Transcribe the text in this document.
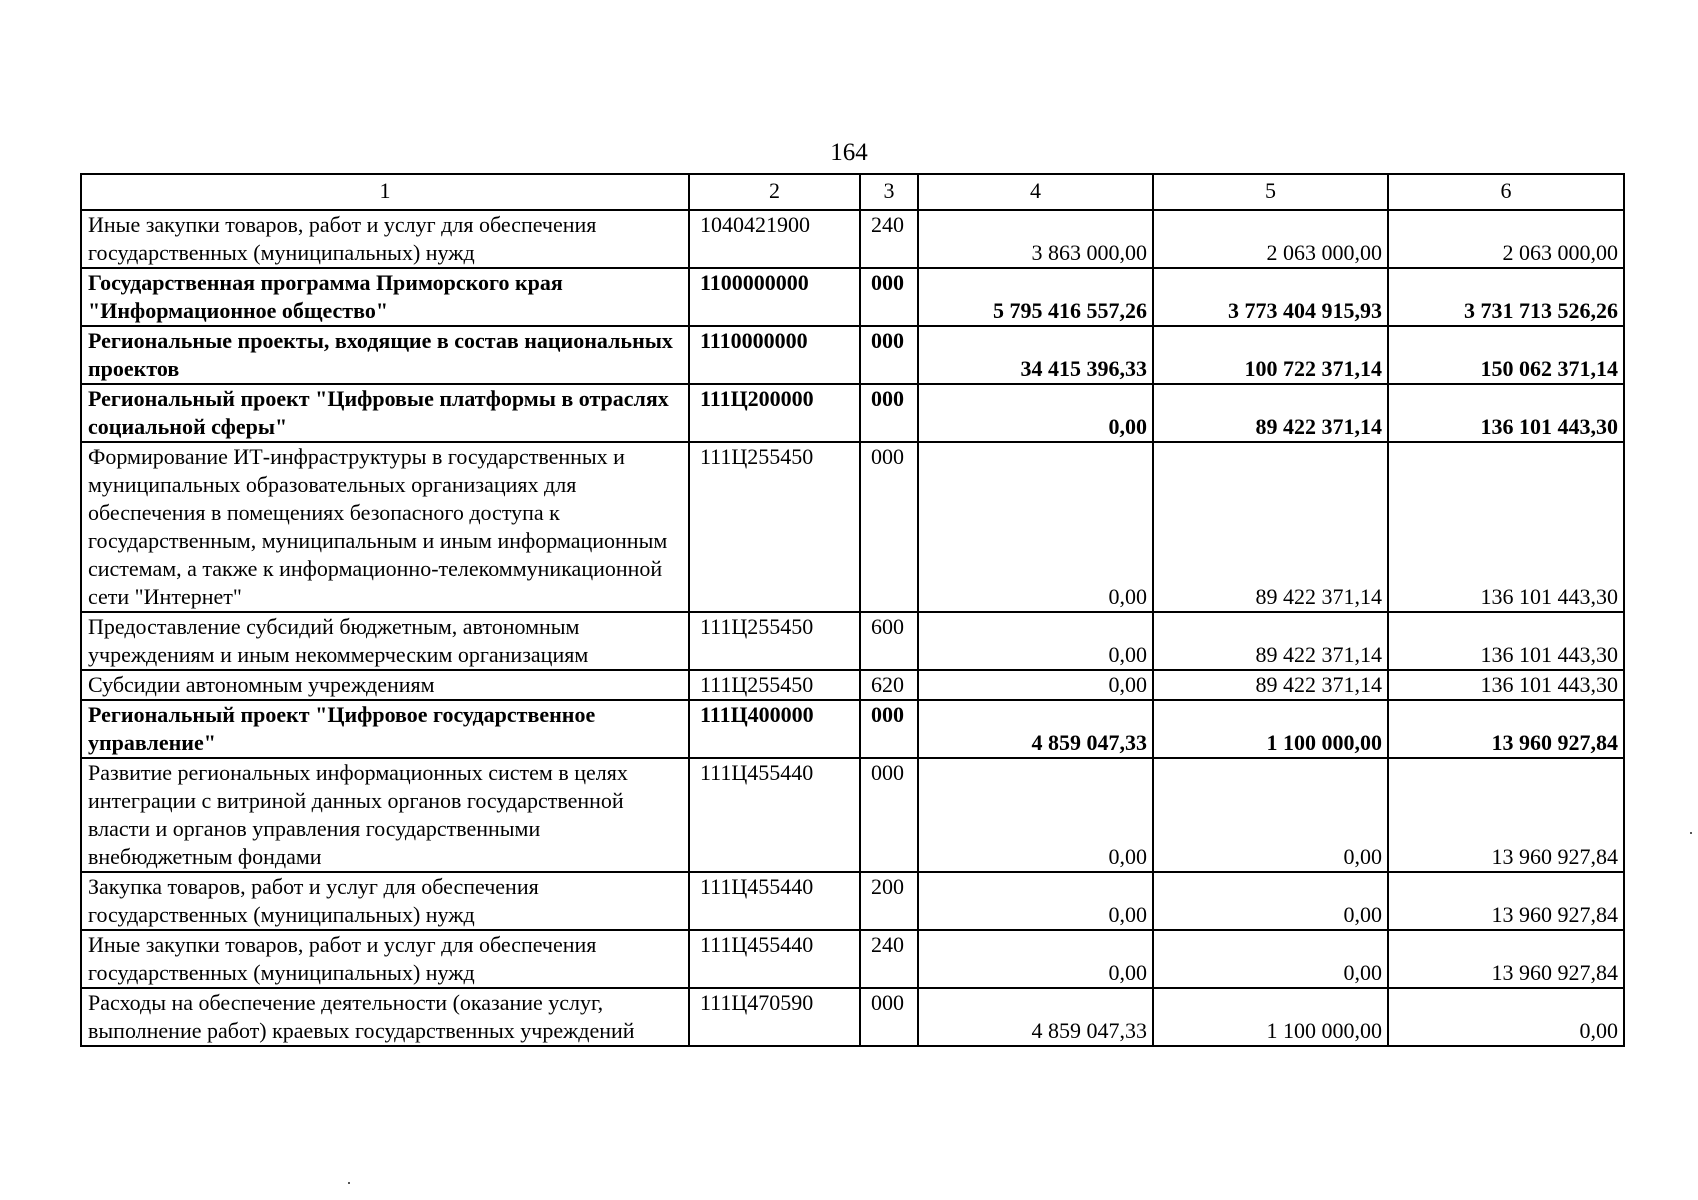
164
1	2	3	4	5	6
Иные закупки товаров, работ и услуг для обеспечения государственных (муниципальных) нужд	1040421900	240	3 863 000,00	2 063 000,00	2 063 000,00
Государственная программа Приморского края "Информационное общество"	1100000000	000	5 795 416 557,26	3 773 404 915,93	3 731 713 526,26
Региональные проекты, входящие в состав национальных проектов	1110000000	000	34 415 396,33	100 722 371,14	150 062 371,14
Региональный проект "Цифровые платформы в отраслях социальной сферы"	111Ц200000	000	0,00	89 422 371,14	136 101 443,30
Формирование ИТ-инфраструктуры в государственных и муниципальных образовательных организациях для обеспечения в помещениях безопасного доступа к государственным, муниципальным и иным информационным системам, а также к информационно-телекоммуникационной сети "Интернет"	111Ц255450	000	0,00	89 422 371,14	136 101 443,30
Предоставление субсидий бюджетным, автономным учреждениям и иным некоммерческим организациям	111Ц255450	600	0,00	89 422 371,14	136 101 443,30
Субсидии автономным учреждениям	111Ц255450	620	0,00	89 422 371,14	136 101 443,30
Региональный проект "Цифровое государственное управление"	111Ц400000	000	4 859 047,33	1 100 000,00	13 960 927,84
Развитие региональных информационных систем в целях интеграции с витриной данных органов государственной власти и органов управления государственными внебюджетным фондами	111Ц455440	000	0,00	0,00	13 960 927,84
Закупка товаров, работ и услуг для обеспечения государственных (муниципальных) нужд	111Ц455440	200	0,00	0,00	13 960 927,84
Иные закупки товаров, работ и услуг для обеспечения государственных (муниципальных) нужд	111Ц455440	240	0,00	0,00	13 960 927,84
Расходы на обеспечение деятельности (оказание услуг, выполнение работ) краевых государственных учреждений	111Ц470590	000	4 859 047,33	1 100 000,00	0,00
